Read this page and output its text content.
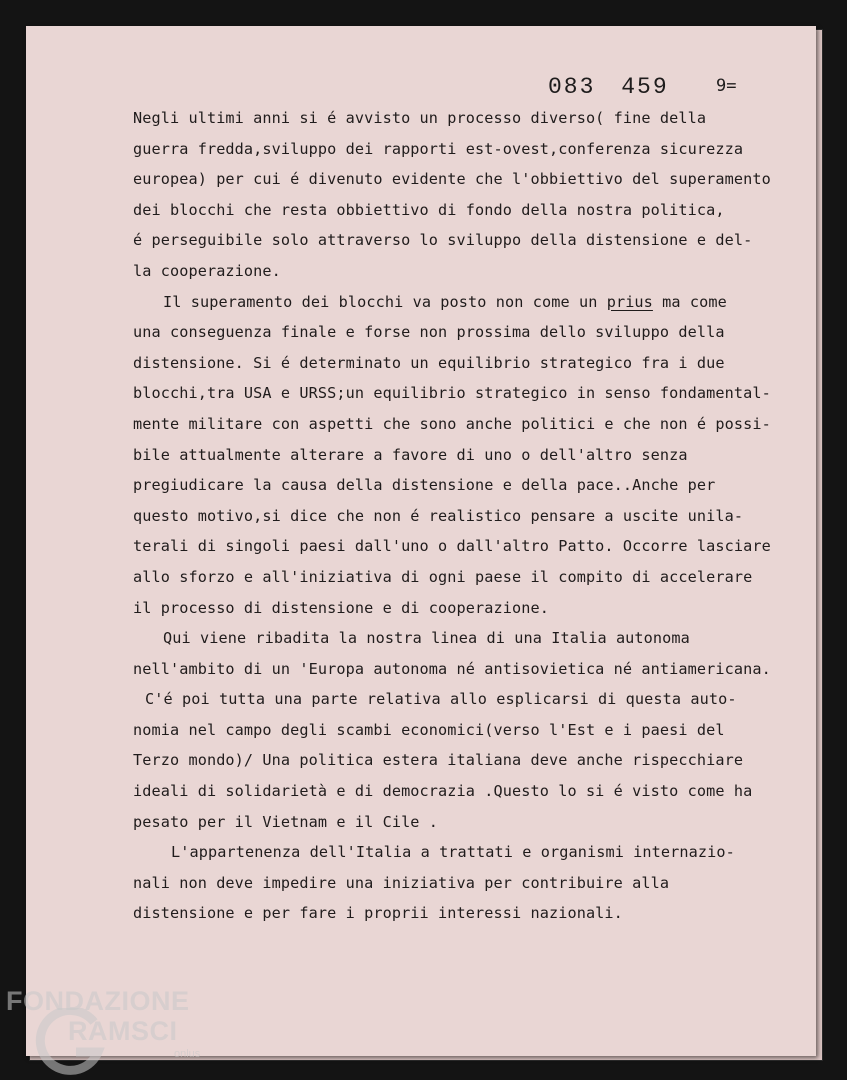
083 459	9=
Negli ultimi anni si é avvisto un processo diverso( fine della
guerra fredda,sviluppo dei rapporti est-ovest,conferenza sicurezza
europea) per cui é divenuto evidente che l'obbiettivo del superamento
dei blocchi che resta obbiettivo di fondo della nostra politica,
é perseguibile solo attraverso lo sviluppo della distensione e del-
la cooperazione.
Il superamento dei blocchi va posto non come un prius ma come
una conseguenza finale e forse non prossima dello sviluppo della
distensione. Si é determinato un equilibrio strategico fra i due
blocchi,tra USA e URSS;un equilibrio strategico in senso fondamental-
mente militare con aspetti che sono anche politici e che non é possi-
bile attualmente alterare a favore di uno o dell'altro senza
pregiudicare la causa della distensione e della pace..Anche per
questo motivo,si dice che non é realistico pensare a uscite unila-
terali di singoli paesi dall'uno o dall'altro Patto. Occorre lasciare
allo sforzo e all'iniziativa di ogni paese il compito di accelerare
il processo di distensione e di cooperazione.
Qui viene ribadita la nostra linea di una Italia autonoma
nell'ambito di un 'Europa autonoma né antisovietica né antiamericana.
C'é poi tutta una parte relativa allo esplicarsi di questa auto-
nomia nel campo degli scambi economici(verso l'Est e i paesi del
Terzo mondo)/ Una politica estera italiana deve anche rispecchiare
ideali di solidarietà e di democrazia .Questo lo si é visto come ha
pesato per il Vietnam e il Cile .
L'appartenenza dell'Italia a trattati e organismi internazio-
nali non deve impedire una iniziativa per contribuire alla
distensione e per fare i proprii interessi nazionali.
FONDAZIONE
RAMSCI
onlus
